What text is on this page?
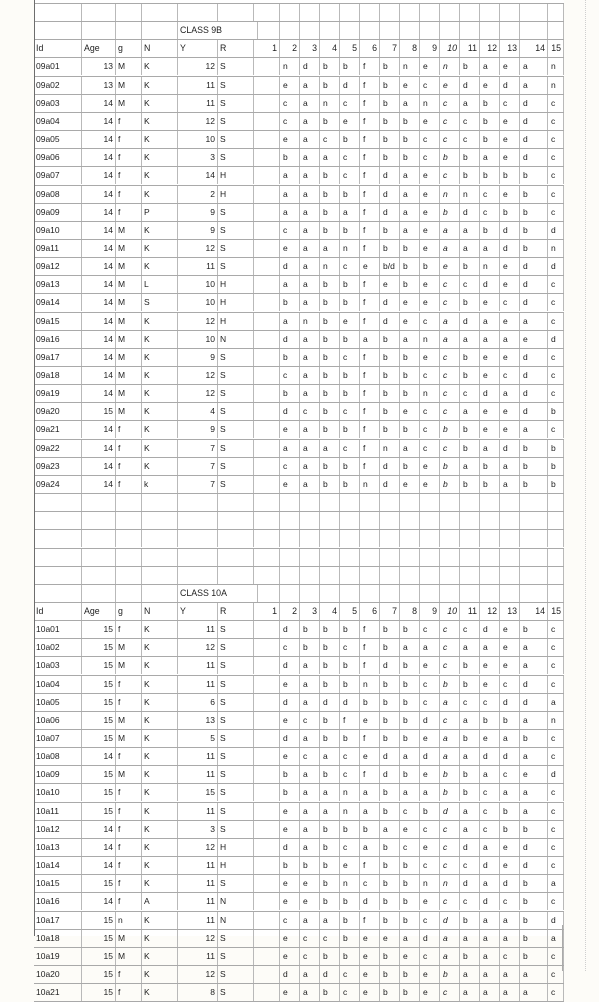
CLASS 9B
Id	Age	g	N	Y	R	1	2	3	4	5	6	7	8	9	10	11	12	13	14 15
09a01	13 M	K	12 S	n	d	b	b	f	b	n	e	n	b	a	e	a	n
09a02	13 M	K	11 S	e	a	b	d	f	b	e	c	e	d	e	d	a	n
09a03	14 M	K	11 S	c	a	n	c	f	b	a	n	c	a	b	c	d	c
09a04	14 f	K	12 S	c	a	b	e	f	b	b	e	c	c	b	e	d	c
09a05	14 f	K	10 S	e	a	c	b	f	b	b	c	c	c	b	e	d	c
09a06	14 f	K	3 S	b	a	a	c	f	b	b	c	b	b	a	e	d	c
09a07	14 f	K	14 H	a	a	b	c	f	d	a	e	c	b	b	b	b	c
09a08	14 f	K	2 H	a	a	b	b	f	d	a	e	n	n	c	e	b	c
09a09	14 f	P	9 S	a	a	b	a	f	d	a	e	b	d	c	b	b	c
09a10	14 M	K	9 S	c	a	b	b	f	b	a	e	a	a	b	d	b	d
09a11	14 M	K	12 S	e	a	a	n	f	b	b	e	a	a	a	d	b	n
09a12	14 M	K	11 S	d	a	n	c	e	b/d b	b	e	b	n	e	d	d
09a13	14 M	L	10 H	a	a	b	b	f	e	b	e	c	c	d	e	d	c
09a14	14 M	S	10 H	b	a	b	b	f	d	e	e	c	b	e	c	d	c
09a15	14 M	K	12 H	a	n	b	e	f	d	e	c	a	d	a	e	a	c
09a16	14 M	K	10 N	d	a	b	b	a	b	a	n	a	a	a	a	e	d
09a17	14 M	K	9 S	b	a	b	c	f	b	b	e	c	b	e	e	d	c
09a18	14 M	K	12 S	c	a	b	b	f	b	b	c	c	b	e	c	d	c
09a19	14 M	K	12 S	b	a	b	b	f	b	b	n	c	c	d	a	d	c
09a20	15 M	K	4 S	d	c	b	c	f	b	e	c	c	a	e	e	d	b
09a21	14 f	K	9 S	e	a	b	b	f	b	b	c	b	b	e	e	a	c
09a22	14 f	K	7 S	a	a	a	c	f	n	a	c	c	b	a	d	b	b
09a23	14 f	K	7 S	c	a	b	b	f	d	b	e	b	a	b	a	b	b
09a24	14 f	k	7 S	e	a	b	b	n	d	e	e	b	b	b	a	b	b
CLASS 10A
Id	Age	g	N	Y	R	1	2	3	4	5	6	7	8	9	10	11	12	13	14 15
10a01	15 f	K	11 S	d	b	b	b	f	b	b	c	c	c	d	e	b	c
10a02	15 M	K	12 S	c	b	b	c	f	b	a	a	c	a	a	e	a	c
10a03	15 M	K	11 S	d	a	b	b	f	d	b	e	c	b	e	e	a	c
10a04	15 f	K	11 S	e	a	b	b	n	b	b	c	b	b	e	c	d	c
10a05	15 f	K	6 S	d	a	d	d	b	b	b	c	a	c	c	d	d	a
10a06	15 M	K	13 S	e	c	b	f	e	b	b	d	c	a	b	b	a	n
10a07	15 M	K	5 S	d	a	b	b	f	b	b	e	a	b	e	a	b	c
10a08	14 f	K	11 S	e	c	a	c	e	d	a	d	a	a	d	d	a	c
10a09	15 M	K	11 S	b	a	b	c	f	d	b	e	b	b	a	c	e	d
10a10	15 f	K	15 S	b	a	a	n	a	b	a	a	b	b	c	a	a	c
10a11	15 f	K	11 S	e	a	a	n	a	b	c	b	d	a	c	b	a	c
10a12	14 f	K	3 S	e	a	b	b	b	a	e	c	c	a	c	b	b	c
10a13	14 f	K	12 H	d	a	b	c	a	b	c	e	c	d	a	e	d	c
10a14	14 f	K	11 H	b	b	b	e	f	b	b	c	c	c	d	e	d	c
10a15	15 f	K	11 S	e	e	b	n	c	b	b	n	n	d	a	d	b	a
10a16	14 f	A	11 N	e	e	b	b	d	b	b	e	c	c	d	c	b	c
10a17	15 n	K	11 N	c	a	a	b	f	b	b	c	d	b	a	a	b	d
10a18	15 M	K	12 S	e	c	c	b	e	e	a	d	a	a	a	a	b	a
10a19	15 M	K	11 S	e	c	b	b	e	b	e	c	a	b	a	c	b	c
10a20	15 f	K	12 S	d	a	d	c	e	b	b	e	b	a	a	a	a	c
10a21	15 f	K	8 S	e	a	b	c	e	b	b	e	c	a	a	a	a	c
